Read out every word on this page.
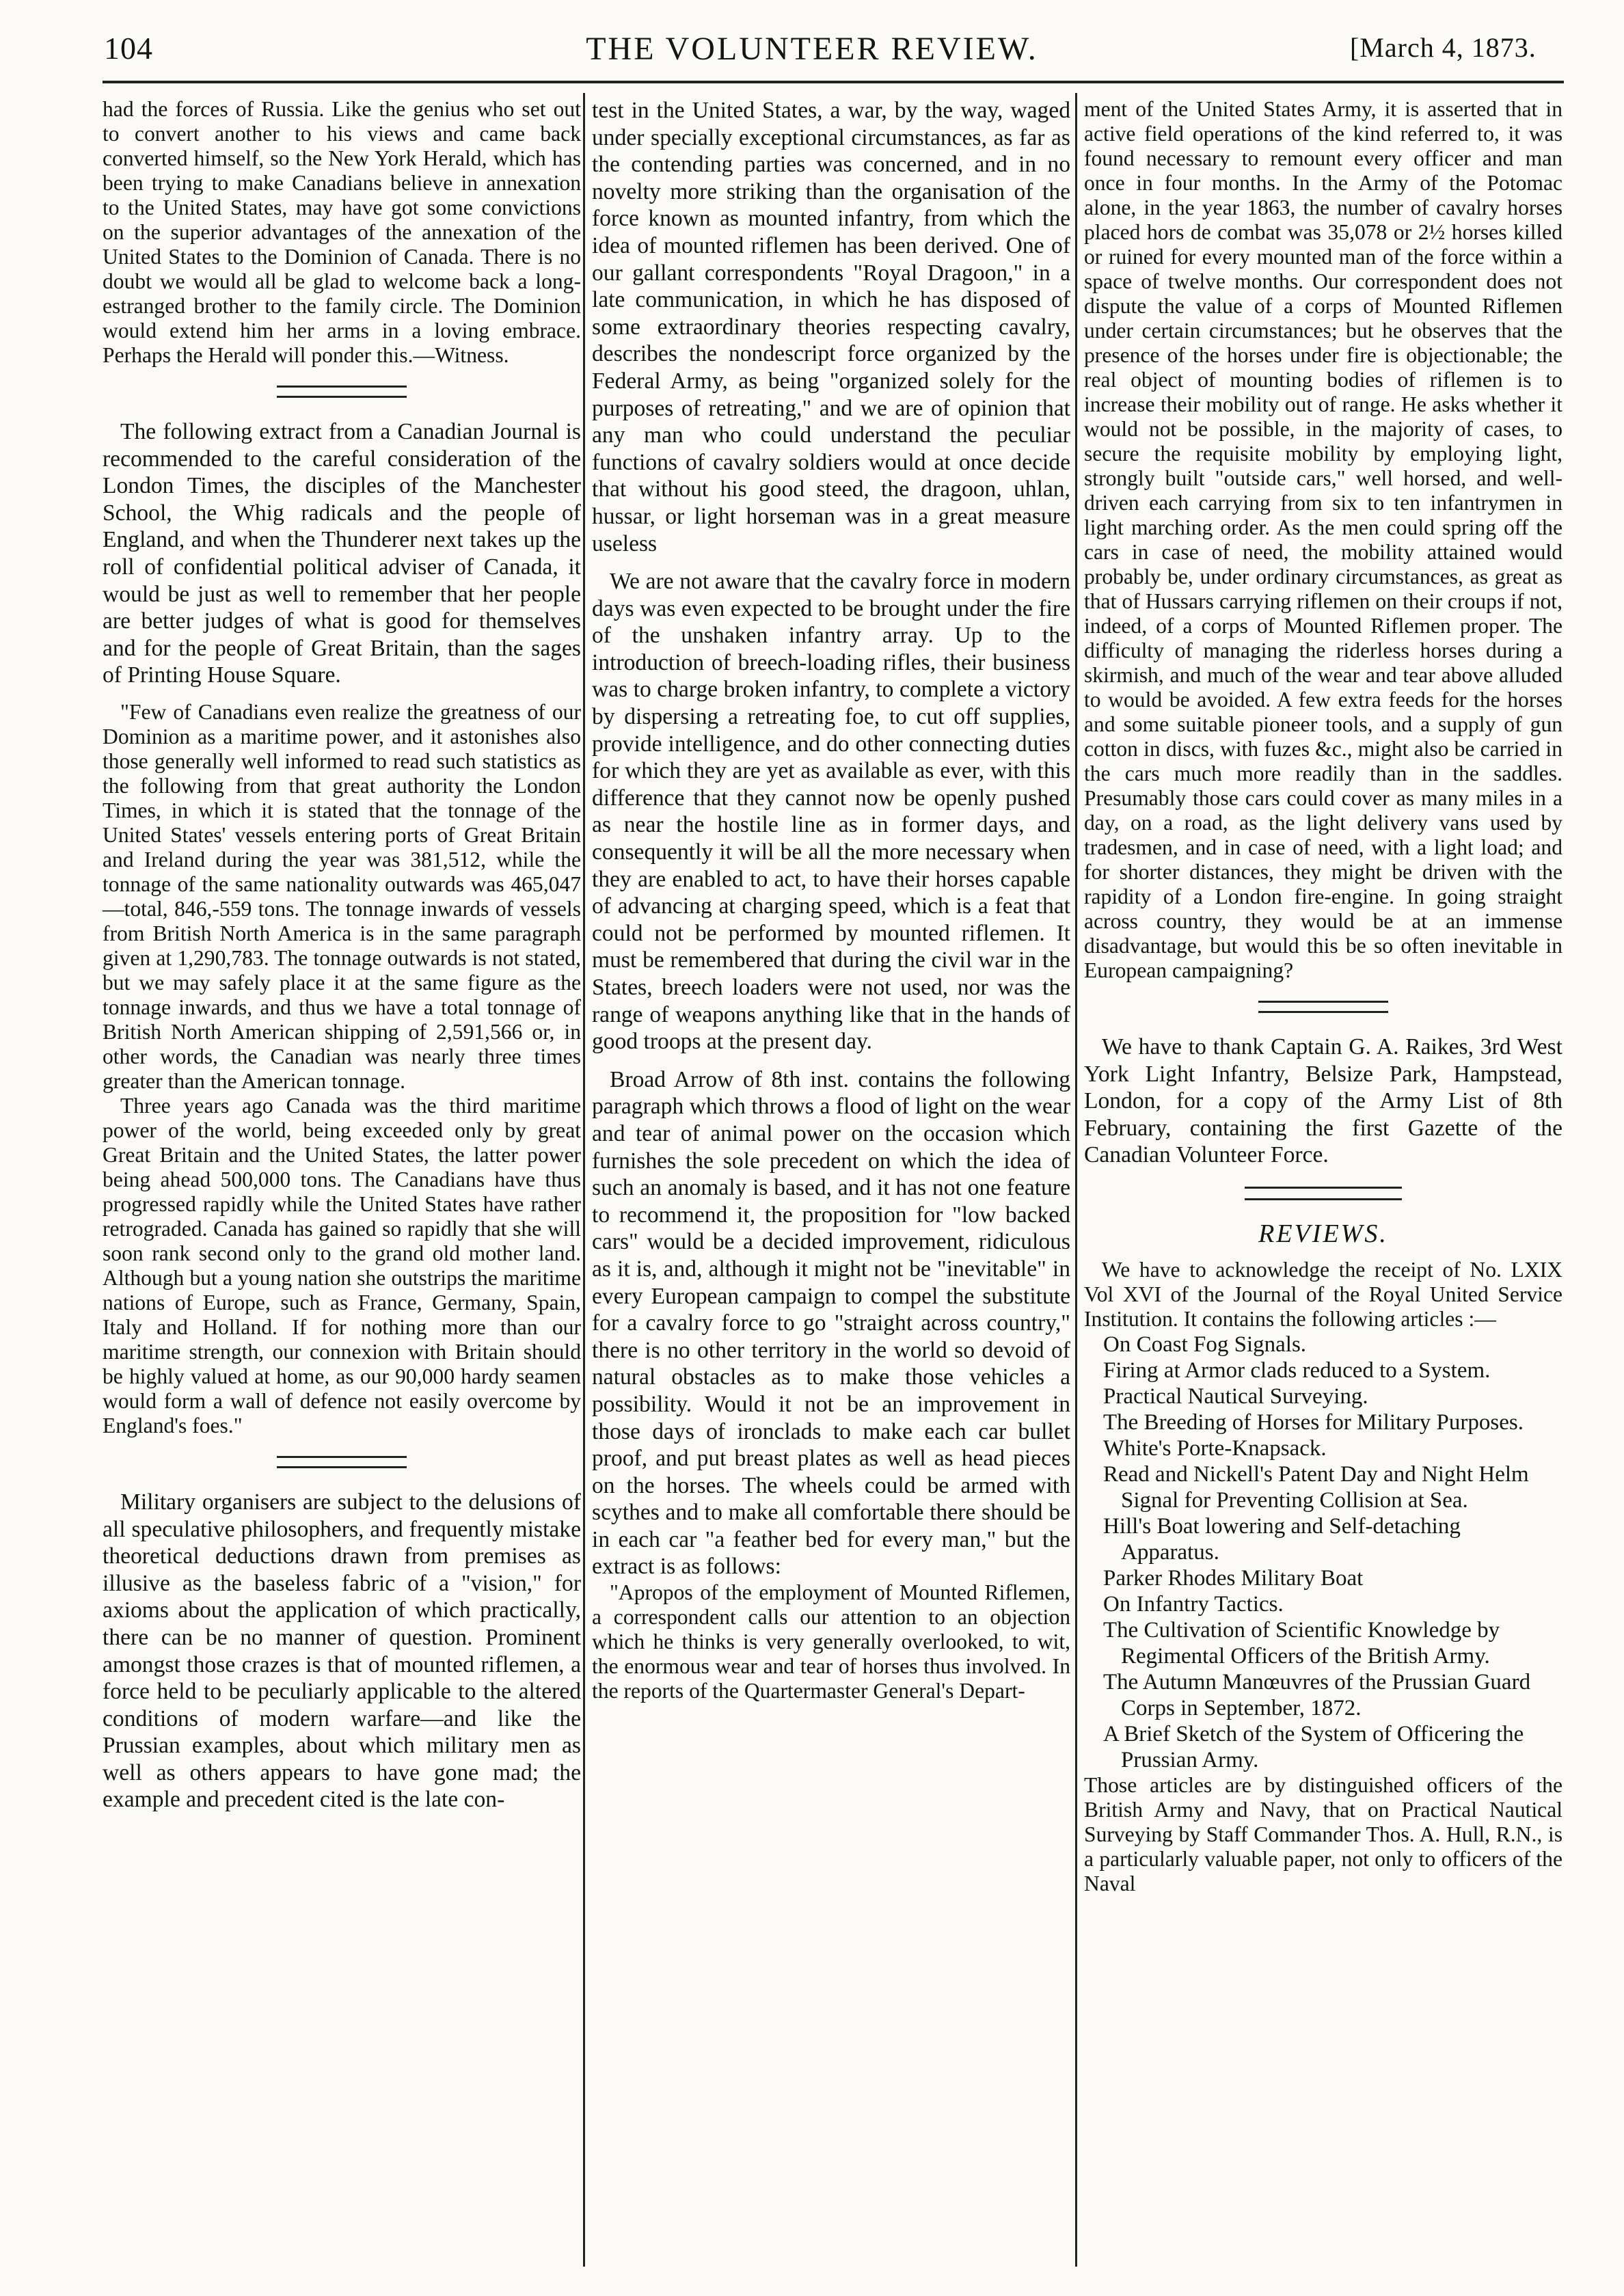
104	THE VOLUNTEER REVIEW.	[March 4, 1873.

had the forces of Russia. Like the genius who set out to convert another to his views and came back converted himself, so the New York Herald, which has been trying to make Canadians believe in annexation to the United States, may have got some convictions on the superior advantages of the annexation of the United States to the Dominion of Canada. There is no doubt we would all be glad to welcome back a long-estranged brother to the family circle. The Dominion would extend him her arms in a loving embrace. Perhaps the Herald will ponder this.—Witness.

The following extract from a Canadian Journal is recommended to the careful consideration of the London Times, the disciples of the Manchester School, the Whig radicals and the people of England, and when the Thunderer next takes up the roll of confidential political adviser of Canada, it would be just as well to remember that her people are better judges of what is good for themselves and for the people of Great Britain, than the sages of Printing House Square.

"Few of Canadians even realize the greatness of our Dominion as a maritime power, and it astonishes also those generally well informed to read such statistics as the following from that great authority the London Times, in which it is stated that the tonnage of the United States' vessels entering ports of Great Britain and Ireland during the year was 381,512, while the tonnage of the same nationality outwards was 465,047—total, 846,-559 tons. The tonnage inwards of vessels from British North America is in the same paragraph given at 1,290,783. The tonnage outwards is not stated, but we may safely place it at the same figure as the tonnage inwards, and thus we have a total tonnage of British North American shipping of 2,591,566 or, in other words, the Canadian was nearly three times greater than the American tonnage.

Three years ago Canada was the third maritime power of the world, being exceeded only by great Great Britain and the United States, the latter power being ahead 500,000 tons. The Canadians have thus progressed rapidly while the United States have rather retrograded. Canada has gained so rapidly that she will soon rank second only to the grand old mother land. Although but a young nation she outstrips the maritime nations of Europe, such as France, Germany, Spain, Italy and Holland. If for nothing more than our maritime strength, our connexion with Britain should be highly valued at home, as our 90,000 hardy seamen would form a wall of defence not easily overcome by England's foes."

Military organisers are subject to the delusions of all speculative philosophers, and frequently mistake theoretical deductions drawn from premises as illusive as the baseless fabric of a "vision," for axioms about the application of which practically, there can be no manner of question. Prominent amongst those crazes is that of mounted riflemen, a force held to be peculiarly applicable to the altered conditions of modern warfare—and like the Prussian examples, about which military men as well as others appears to have gone mad; the example and precedent cited is the late con-

test in the United States, a war, by the way, waged under specially exceptional circumstances, as far as the contending parties was concerned, and in no novelty more striking than the organisation of the force known as mounted infantry, from which the idea of mounted riflemen has been derived. One of our gallant correspondents "Royal Dragoon," in a late communication, in which he has disposed of some extraordinary theories respecting cavalry, describes the nondescript force organized by the Federal Army, as being "organized solely for the purposes of retreating," and we are of opinion that any man who could understand the peculiar functions of cavalry soldiers would at once decide that without his good steed, the dragoon, uhlan, hussar, or light horseman was in a great measure useless

We are not aware that the cavalry force in modern days was even expected to be brought under the fire of the unshaken infantry array. Up to the introduction of breech-loading rifles, their business was to charge broken infantry, to complete a victory by dispersing a retreating foe, to cut off supplies, provide intelligence, and do other connecting duties for which they are yet as available as ever, with this difference that they cannot now be openly pushed as near the hostile line as in former days, and consequently it will be all the more necessary when they are enabled to act, to have their horses capable of advancing at charging speed, which is a feat that could not be performed by mounted riflemen. It must be remembered that during the civil war in the States, breech loaders were not used, nor was the range of weapons anything like that in the hands of good troops at the present day.

Broad Arrow of 8th inst. contains the following paragraph which throws a flood of light on the wear and tear of animal power on the occasion which furnishes the sole precedent on which the idea of such an anomaly is based, and it has not one feature to recommend it, the proposition for "low backed cars" would be a decided improvement, ridiculous as it is, and, although it might not be "inevitable" in every European campaign to compel the substitute for a cavalry force to go "straight across country," there is no other territory in the world so devoid of natural obstacles as to make those vehicles a possibility. Would it not be an improvement in those days of ironclads to make each car bullet proof, and put breast plates as well as head pieces on the horses. The wheels could be armed with scythes and to make all comfortable there should be in each car "a feather bed for every man," but the extract is as follows:

"Apropos of the employment of Mounted Riflemen, a correspondent calls our attention to an objection which he thinks is very generally overlooked, to wit, the enormous wear and tear of horses thus involved. In the reports of the Quartermaster General's Depart-

ment of the United States Army, it is asserted that in active field operations of the kind referred to, it was found necessary to remount every officer and man once in four months. In the Army of the Potomac alone, in the year 1863, the number of cavalry horses placed hors de combat was 35,078 or 2½ horses killed or ruined for every mounted man of the force within a space of twelve months. Our correspondent does not dispute the value of a corps of Mounted Riflemen under certain circumstances; but he observes that the presence of the horses under fire is objectionable; the real object of mounting bodies of riflemen is to increase their mobility out of range. He asks whether it would not be possible, in the majority of cases, to secure the requisite mobility by employing light, strongly built "outside cars," well horsed, and well-driven each carrying from six to ten infantrymen in light marching order. As the men could spring off the cars in case of need, the mobility attained would probably be, under ordinary circumstances, as great as that of Hussars carrying riflemen on their croups if not, indeed, of a corps of Mounted Riflemen proper. The difficulty of managing the riderless horses during a skirmish, and much of the wear and tear above alluded to would be avoided. A few extra feeds for the horses and some suitable pioneer tools, and a supply of gun cotton in discs, with fuzes &c., might also be carried in the cars much more readily than in the saddles. Presumably those cars could cover as many miles in a day, on a road, as the light delivery vans used by tradesmen, and in case of need, with a light load; and for shorter distances, they might be driven with the rapidity of a London fire-engine. In going straight across country, they would be at an immense disadvantage, but would this be so often inevitable in European campaigning?

We have to thank Captain G. A. Raikes, 3rd West York Light Infantry, Belsize Park, Hampstead, London, for a copy of the Army List of 8th February, containing the first Gazette of the Canadian Volunteer Force.

REVIEWS.

We have to acknowledge the receipt of No. LXIX Vol XVI of the Journal of the Royal United Service Institution. It contains the following articles :—

On Coast Fog Signals.
Firing at Armor clads reduced to a System.
Practical Nautical Surveying.
The Breeding of Horses for Military Purposes.
White's Porte-Knapsack.
Read and Nickell's Patent Day and Night Helm Signal for Preventing Collision at Sea.
Hill's Boat lowering and Self-detaching Apparatus.
Parker Rhodes Military Boat
On Infantry Tactics.
The Cultivation of Scientific Knowledge by Regimental Officers of the British Army.
The Autumn Manœuvres of the Prussian Guard Corps in September, 1872.
A Brief Sketch of the System of Officering the Prussian Army.

Those articles are by distinguished officers of the British Army and Navy, that on Practical Nautical Surveying by Staff Commander Thos. A. Hull, R.N., is a particularly valuable paper, not only to officers of the Naval
